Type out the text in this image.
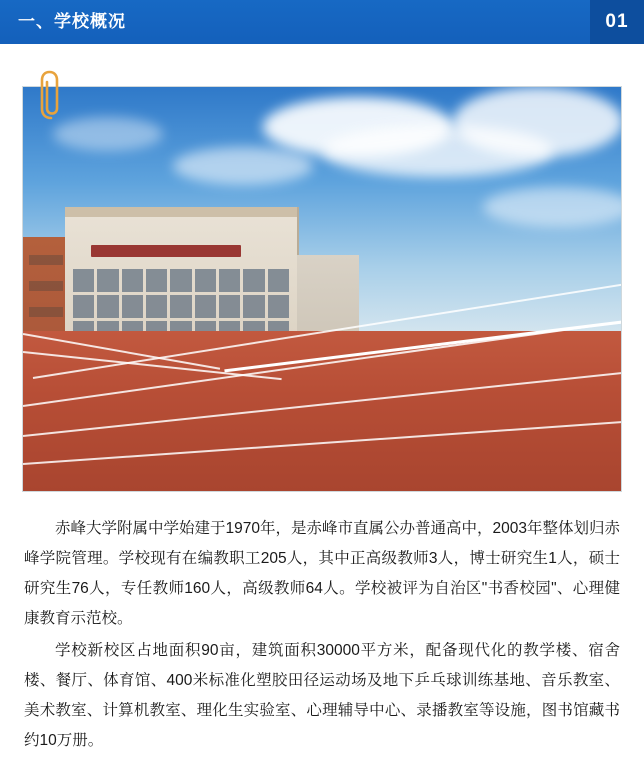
一、学校概况	01

赤峰大学附属中学始建于1970年，是赤峰市直属公办普通高中，2003年整体划归赤峰学院管理。学校现有在编教职工205人，其中正高级教师3人，博士研究生1人，硕士研究生76人，专任教师160人，高级教师64人。学校被评为自治区"书香校园"、心理健康教育示范校。

学校新校区占地面积90亩，建筑面积30000平方米，配备现代化的教学楼、宿舍楼、餐厅、体育馆、400米标准化塑胶田径运动场及地下乒乓球训练基地、音乐教室、美术教室、计算机教室、理化生实验室、心理辅导中心、录播教室等设施，图书馆藏书约10万册。
